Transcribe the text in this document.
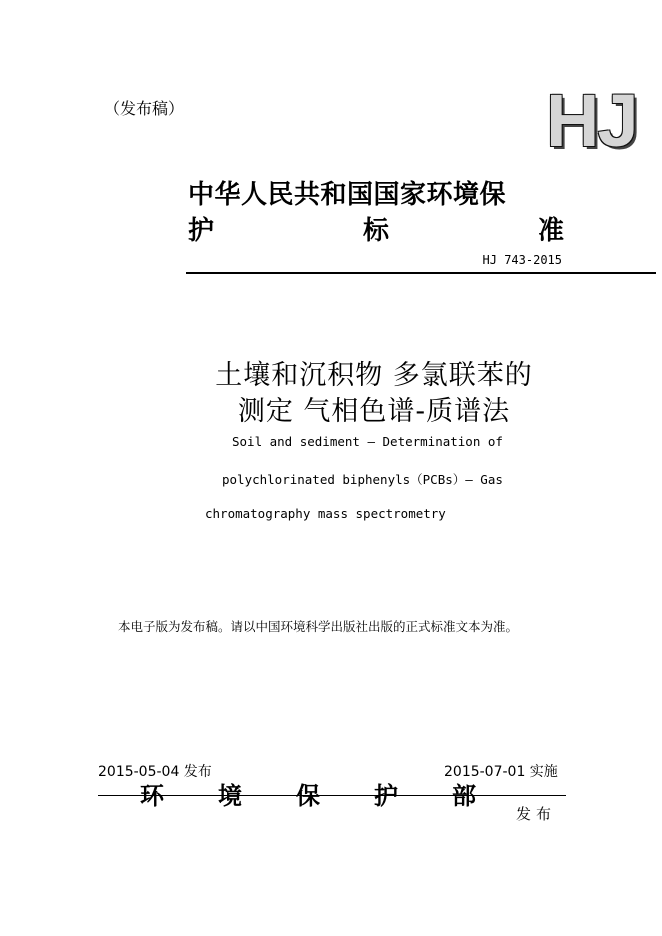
（发布稿）	HJ
中华人民共和国国家环境保
护	标	准
HJ 743-2015
土壤和沉积物 多氯联苯的
测定 气相色谱-质谱法
Soil and sediment — Determination of
polychlorinated biphenyls（PCBs）— Gas
chromatography mass spectrometry
本电子版为发布稿。请以中国环境科学出版社出版的正式标准文本为准。
2015-05-04 发布	2015-07-01 实施
环 境 保 护 部
发布
